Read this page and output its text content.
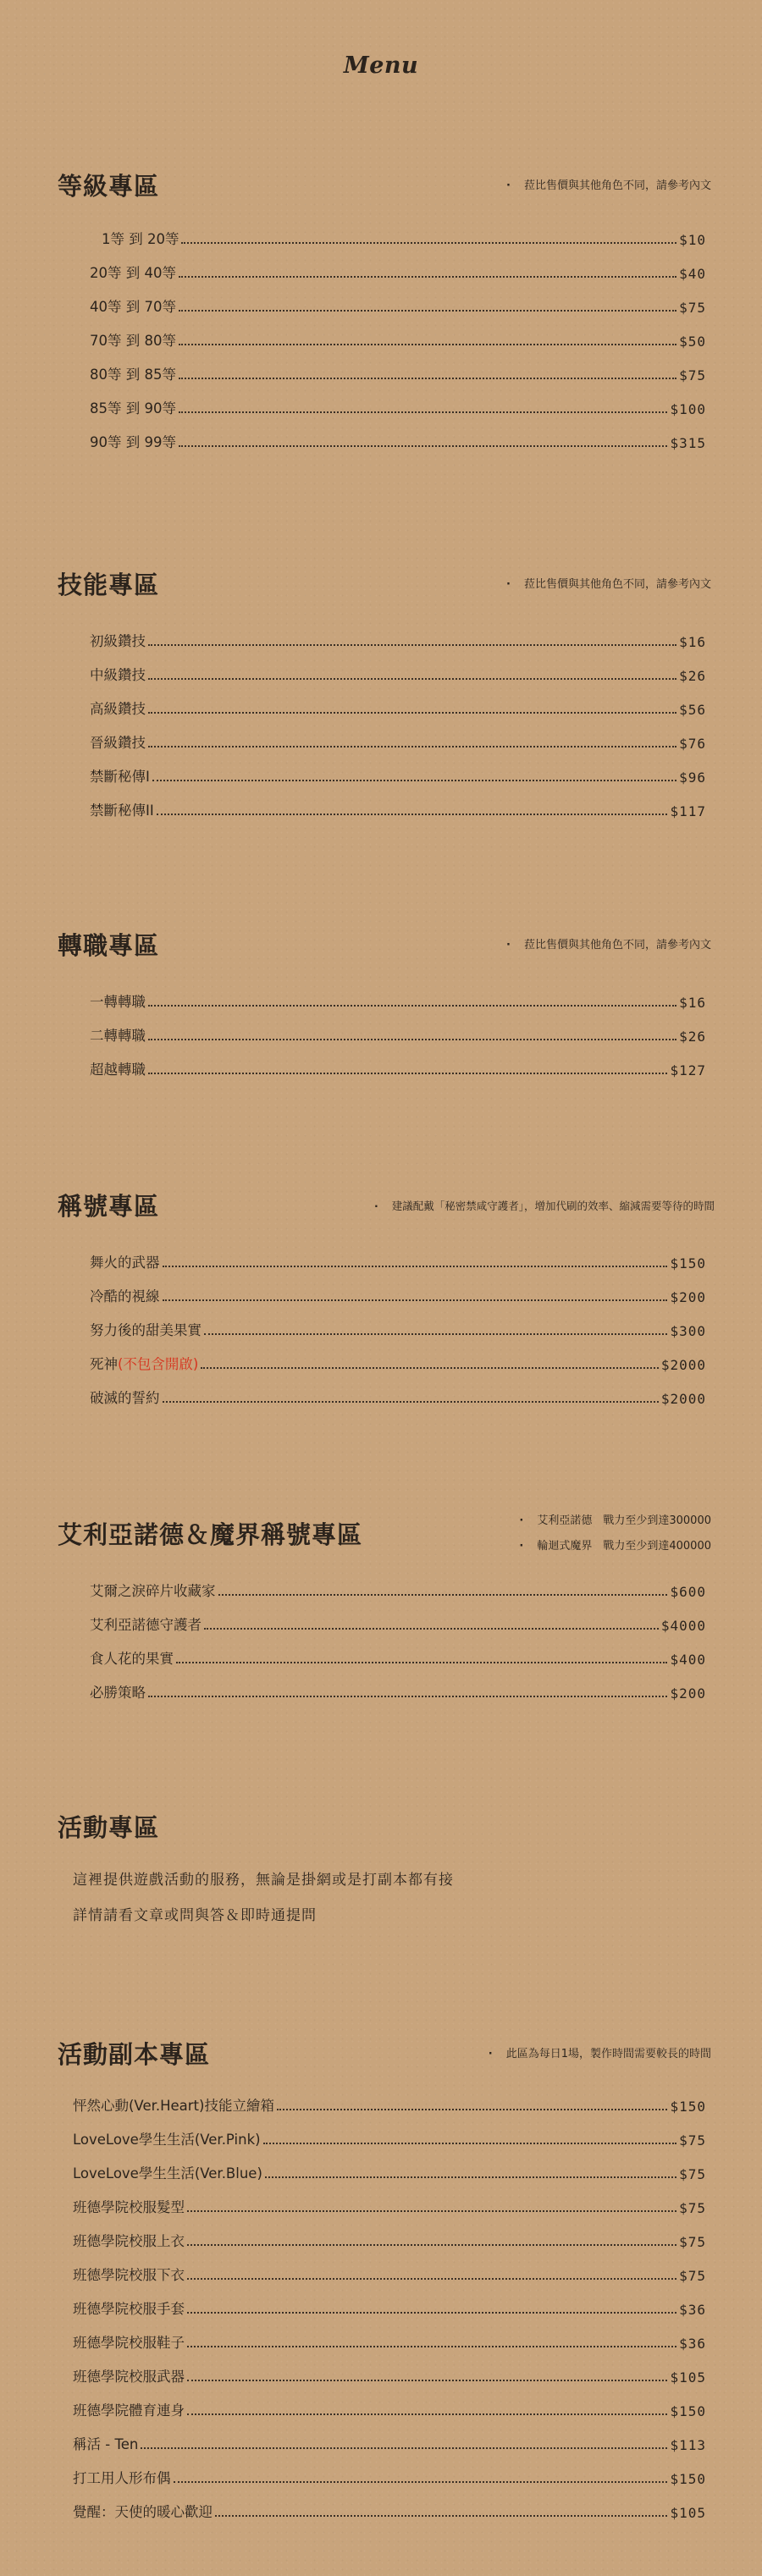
Menu
等級專區	· 菈比售價與其他角色不同，請參考內文
1等 到 20等	$10
20等 到 40等	$40
40等 到 70等	$75
70等 到 80等	$50
80等 到 85等	$75
85等 到 90等	$100
90等 到 99等	$315
技能專區	· 菈比售價與其他角色不同，請參考內文
初級鑽技	$16
中級鑽技	$26
高級鑽技	$56
晉級鑽技	$76
禁斷秘傳I	$96
禁斷秘傳II	$117
轉職專區	· 菈比售價與其他角色不同，請參考內文
一轉轉職	$16
二轉轉職	$26
超越轉職	$127
稱號專區	· 建議配戴「秘密禁咸守護者」，增加代刷的效率、縮減需要等待的時間
舞火的武器	$150
冷酷的視線	$200
努力後的甜美果實	$300
死神(不包含開啟)	$2000
破滅的誓約	$2000
艾利亞諾德＆魔界稱號專區	· 艾利亞諾德　戰力至少到達300000
· 輪迴式魔界　戰力至少到達400000
艾爾之淚碎片收藏家	$600
艾利亞諾德守護者	$4000
食人花的果實	$400
必勝策略	$200
活動專區
這裡提供遊戲活動的服務，無論是掛網或是打副本都有接
詳情請看文章或問與答＆即時通提問
活動副本專區	· 此區為每日1場，製作時間需要較長的時間
怦然心動(Ver.Heart)技能立繪箱	$150
LoveLove學生生活(Ver.Pink)	$75
LoveLove學生生活(Ver.Blue)	$75
班德學院校服髮型	$75
班德學院校服上衣	$75
班德學院校服下衣	$75
班德學院校服手套	$36
班德學院校服鞋子	$36
班德學院校服武器	$105
班德學院體育連身	$150
稱活 - Ten	$113
打工用人形布偶	$150
覺醒：天使的暖心歡迎	$105
